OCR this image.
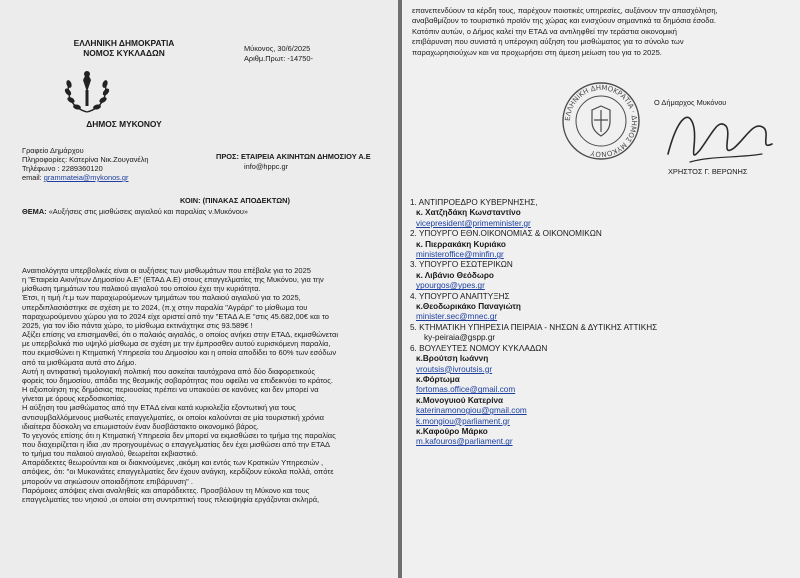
ΕΛΛΗΝΙΚΗ ΔΗΜΟΚΡΑΤΙΑ
ΝΟΜΟΣ ΚΥΚΛΑΔΩΝ
ΔΗΜΟΣ ΜΥΚΟΝΟΥ
Γραφείο Δημάρχου
Πληροφορίες: Κατερίνα Νικ.Ζουγανέλη
Τηλέφωνο : 2289360120
email: grammateia@mykonos.gr
Μύκονος, 30/6/2025
Αριθμ.Πρωτ: -14750-
ΠΡΟΣ: ΕΤΑΙΡΕΙΑ ΑΚΙΝΗΤΩΝ ΔΗΜΟΣΙΟΥ Α.Ε
info@hppc.gr
ΚΟΙΝ: (ΠΙΝΑΚΑΣ ΑΠΟΔΕΚΤΩΝ)
ΘΕΜΑ: «Αυξήσεις στις μισθώσεις αιγιαλού και παραλίας ν.Μυκόνου»
Αναιτιολόγητα υπερβολικές είναι οι αυξήσεις των μισθωμάτων που επέβαλε για το 2025
η "Εταιρεία Ακινήτων Δημοσίου Α.Ε" (ΕΤΑΔ Α.Ε) στους επαγγελματίες της Μυκόνου, για την
μίσθωση τμημάτων του παλαιού αιγιαλού του οποίου έχει την κυριότητα.
Έτσι, η τιμή /τ.μ των παραχωρούμενων τμημάτων του παλαιού αιγιαλού για το 2025,
υπερδιπλασιάστηκε σε σχέση με το 2024, (π.χ στην παραλία "Αγράρι" το μίσθωμα του
παραχωρούμενου χώρου για το 2024 είχε οριστεί από την "ΕΤΑΔ Α.Ε "στις 45.682,00€ και το
2025, για τον ίδιο πάντα χώρο, το μίσθωμα εκτινάχτηκε στις 93.589€ !
Αξίζει επίσης να επισημανθεί, ότι ο παλαιός αιγιαλός, ο οποίος ανήκει στην ΕΤΑΔ, εκμισθώνεται
με υπερβολικά πιο υψηλό μίσθωμα σε σχέση με την έμπροσθεν αυτού ευρισκόμενη παραλία,
που εκμισθώνει η Κτηματική Υπηρεσία του Δημοσίου και η οποία αποδίδει το 60% των εσόδων
από τα μισθώματα αυτά στο Δήμο.
Αυτή η αντιφατική τιμολογιακή πολιτική που ασκείται ταυτόχρονα από δύο διαφορετικούς
φορείς του δημοσίου, απάδει της θεσμικής σοβαρότητας που οφείλει να επιδεικνύει το κράτος.
Η αξιοποίηση της δημόσιας περιουσίας πρέπει να υπακούει σε κανόνες και δεν μπορεί να
γίνεται με όρους κερδοσκοπίας.
Η αύξηση του μισθώματος από την ΕΤΑΔ είναι κατά κυριολεξία εξοντωτική για τους
αντισυμβαλλόμενους μισθωτές επαγγελματίες, οι οποίοι καλούνται σε μία τουριστική χρόνια
ιδιαίτερα δύσκολη να επωμιστούν έναν δυσβάστακτο οικονομικό βάρος.
Το γεγονός επίσης ότι η Κτηματική Υπηρεσία δεν μπορεί να εκμισθώσει το τμήμα της παραλίας
που διαχειρίζεται η ίδια ,αν προηγουμένως ο επαγγελματίας δεν έχει μισθώσει από την ΕΤΑΔ
το τμήμα του παλαιού αιγιαλού, θεωρείται εκβιαστικό.
Απαράδεκτες θεωρούνται και οι διακινούμενες ,ακόμη και εντός των Κρατικών Υπηρεσιών ,
απόψεις, ότι: "οι Μυκονιάτες επαγγελματίες δεν έχουν ανάγκη, κερδίζουν εύκολα πολλά, οπότε
μπορούν να σηκώσουν οποιαδήποτε επιβάρυνση" .
Παρόμοιες απόψεις είναι αναληθείς και απαράδεκτες. Προσβάλουν τη Μύκονο και τους
επαγγελματίες του νησιού ,οι οποίοι στη συντριπτική τους πλειοψηφία εργάζονται σκληρά,
επανεπενδύουν τα κέρδη τους, παρέχουν ποιοτικές υπηρεσίες, αυξάνουν την απασχόληση,
αναβαθμίζουν το τουριστικό προϊόν της χώρας και ενισχύουν σημαντικά τα δημόσια έσοδα.
Κατόπιν αυτών, ο Δήμος καλεί την ΕΤΑΔ να αντιληφθεί την τεράστια οικονομική
επιβάρυνση που συνιστά η υπέρογκη αύξηση του μισθώματος για το σύνολο των
παραχωρησιούχων και να προχωρήσει στη άμεση μείωση του για το 2025.
Ο Δήμαρχος Μυκόνου
ΧΡΗΣΤΟΣ Γ. ΒΕΡΩΝΗΣ
1. ΑΝΤΙΠΡΟΕΔΡΟ ΚΥΒΕΡΝΗΣΗΣ,
κ. Χατζηδάκη Κωνσταντίνο
vicepresident@primeminister.gr
2. ΥΠΟΥΡΓΟ ΕΘΝ.ΟΙΚΟΝΟΜΙΑΣ & ΟΙΚΟΝΟΜΙΚΩΝ
κ. Πιερρακάκη Κυριάκο
ministeroffice@minfin.gr
3. ΥΠΟΥΡΓΟ ΕΣΩΤΕΡΙΚΩΝ
κ. Λιβάνιο Θεόδωρο
ypourgos@ypes.gr
4. ΥΠΟΥΡΓΟ ΑΝΑΠΤΥΞΗΣ
κ.Θεοδωρικάκο Παναγιώτη
minister.sec@mnec.gr
5. ΚΤΗΜΑΤΙΚΗ ΥΠΗΡΕΣΙΑ ΠΕΙΡΑΙΑ - ΝΗΣΩΝ & ΔΥΤΙΚΗΣ ΑΤΤΙΚΗΣ
ky-peiraia@gspp.gr
6. ΒΟΥΛΕΥΤΕΣ ΝΟΜΟΥ ΚΥΚΛΑΔΩΝ
κ.Βρούτση Ιωάννη
vroutsis@ivroutsis.gr
κ.Φόρτωμα
fortomas.office@gmail.com
κ.Μονογυιού Κατερίνα
katerinamonogiou@gmail.com
k.mongiou@parliament.gr
κ.Καφούρο Μάρκο
m.kafouros@parliament.gr
ΕΛΛΗΝΙΚΗ ΔΗΜΟΚΡΑΤΙΑ · ΔΗΜΟΣ ΜΥΚΟΝΟΥ
